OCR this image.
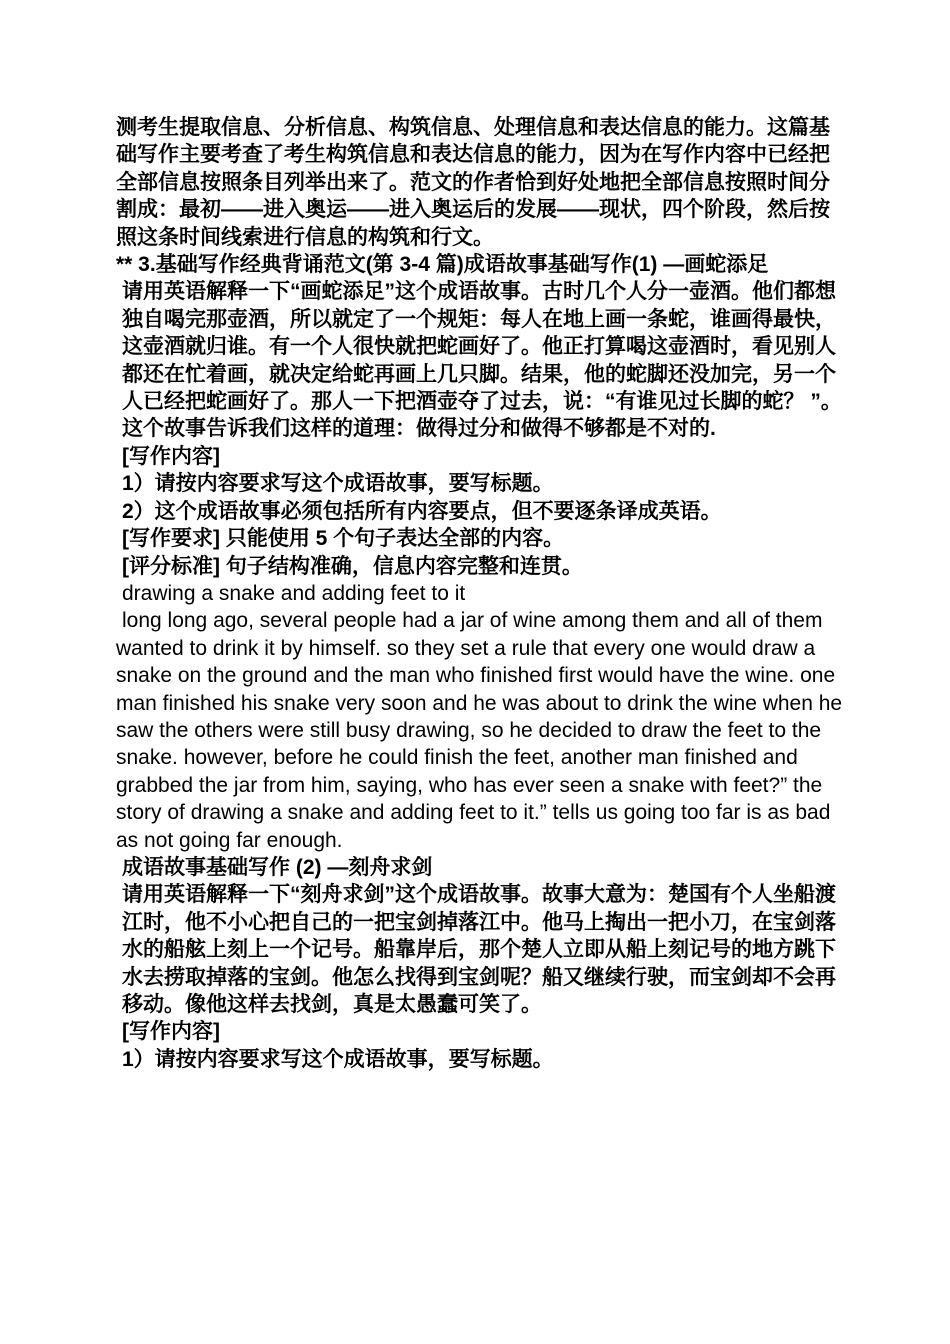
测考生提取信息、分析信息、构筑信息、处理信息和表达信息的能力。这篇基础写作主要考查了考生构筑信息和表达信息的能力，因为在写作内容中已经把全部信息按照条目列举出来了。范文的作者恰到好处地把全部信息按照时间分割成：最初——进入奥运——进入奥运后的发展——现状，四个阶段，然后按照这条时间线索进行信息的构筑和行文。

** 3.基础写作经典背诵范文(第 3-4 篇)成语故事基础写作(1) —画蛇添足

请用英语解释一下“画蛇添足”这个成语故事。古时几个人分一壶酒。他们都想独自喝完那壶酒，所以就定了一个规矩：每人在地上画一条蛇，谁画得最快，这壶酒就归谁。有一个人很快就把蛇画好了。他正打算喝这壶酒时，看见别人都还在忙着画，就决定给蛇再画上几只脚。结果，他的蛇脚还没加完，另一个人已经把蛇画好了。那人一下把酒壶夺了过去，说：“有谁见过长脚的蛇？ ”。这个故事告诉我们这样的道理：做得过分和做得不够都是不对的.

[写作内容]

1）请按内容要求写这个成语故事，要写标题。

2）这个成语故事必须包括所有内容要点，但不要逐条译成英语。

[写作要求] 只能使用 5 个句子表达全部的内容。

[评分标准] 句子结构准确，信息内容完整和连贯。

drawing a snake and adding feet to it

long long ago, several people had a jar of wine among them and all of them wanted to drink it by himself. so they set a rule that every one would draw a snake on the ground and the man who finished first would have the wine. one man finished his snake very soon and he was about to drink the wine when he saw the others were still busy drawing, so he decided to draw the feet to the snake. however, before he could finish the feet, another man finished and grabbed the jar from him, saying, who has ever seen a snake with feet?” the story of drawing a snake and adding feet to it.” tells us going too far is as bad as not going far enough.

成语故事基础写作 (2) —刻舟求剑

请用英语解释一下“刻舟求剑”这个成语故事。故事大意为：楚国有个人坐船渡江时，他不小心把自己的一把宝剑掉落江中。他马上掏出一把小刀，在宝剑落水的船舷上刻上一个记号。船靠岸后，那个楚人立即从船上刻记号的地方跳下水去捞取掉落的宝剑。他怎么找得到宝剑呢？船又继续行驶，而宝剑却不会再移动。像他这样去找剑，真是太愚蠢可笑了。

[写作内容]

1）请按内容要求写这个成语故事，要写标题。
